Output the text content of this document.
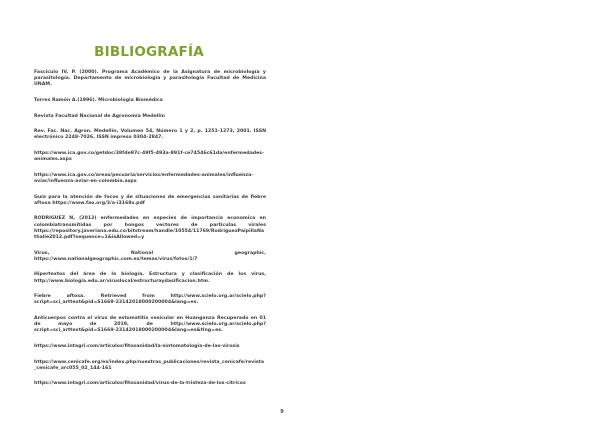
BIBLIOGRAFÍA

Fasciculo IV, P. (2000). Programa Académico de la Asignatura de microbiología y parasitología. Departamento de microbiología y parasitología Facultad de Medicina UNAM.

Torres Ramón A.(1996). Microbiologia Biomédica

Revista Facultad Nacional de Agronomía Medellín

Rev. Fac. Nac. Agron. Medellín, Volumen 54, Número 1 y 2, p. 1251-1273, 2001. ISSN electrónico 2248-7026. ISSN impreso 0304-2847.

https://www.ica.gov.co/getdoc/38fde97c-49f5-493a-891f-ce74546c61da/enfermedades-animales.aspx

https://www.ica.gov.co/areas/pecuaria/servicios/enfermedades-animales/influenza-aviar/influenza-aviar-en-colombia.aspx

Guía para la atención de focos y de situaciones de emergencias sanitarias de fiebre aftosa https://www.fao.org/3/a-i3168s.pdf

RODRIGUEZ N, (2012) enfermedades en especies de importancia economica en colombiatransmitidas por hongos vectores de particulas virales https://repository.javeriana.edu.co/bitstream/handle/10554/11769/RodriguezPaipillaNathalie2012.pdf?sequence=1&isAllowed=y

Virus, National geographic, https://www.nationalgeographic.com.es/temas/virus/fotos/1/7

Hipertextos del área de la biología, Estructura y clasificación de los virus, http://www.biologia.edu.ar/viruslocal/estructuraydasificacion.htm.

Fiebre aftosa. Retrieved from http://www.scielo.org.ar/scielo.php?script=sci_arttext&pid=S1669-23142018000200004&lang=es.

Anticuerpos contra el virus de estomatitis vesicular en Huanganza Recuperado en 01 de mayo de 2019, de http://www.scielo.org.ar/scielo.php?script=sci_arttext&pid=S1669-23142018000200004&lang=es&tlng=es.

https://www.intagri.com/articulos/fitosanidad/la-sintomatologia-de-las-virosis

https://www.cenicafe.org/es/index.php/nuestras_publicaciones/revista_cenicafe/revista_cenicafe_arc055_02_144-161

https://www.intagri.com/articulos/fitosanidad/virus-de-la-tristeza-de-los-citricos

9
